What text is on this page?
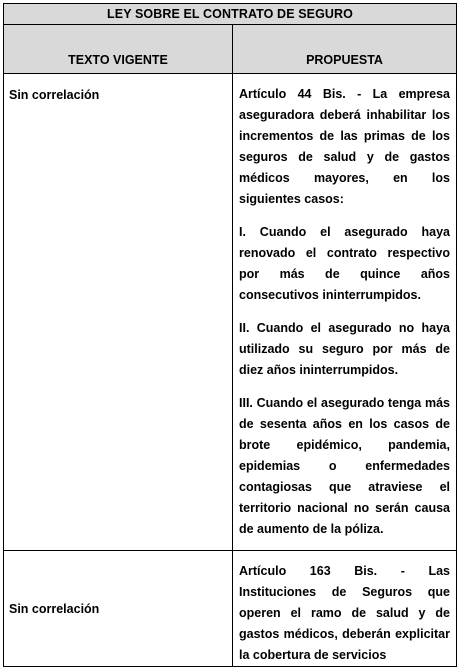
LEY SOBRE EL CONTRATO DE SEGURO	
TEXTO VIGENTE	PROPUESTA
Sin correlación	Artículo 44 Bis. - La empresa aseguradora deberá inhabilitar los incrementos de las primas de los seguros de salud y de gastos médicos mayores, en los siguientes casos:

I. Cuando el asegurado haya renovado el contrato respectivo por más de quince años consecutivos ininterrumpidos.

II. Cuando el asegurado no haya utilizado su seguro por más de diez años ininterrumpidos.

III. Cuando el asegurado tenga más de sesenta años en los casos de brote epidémico, pandemia, epidemias o enfermedades contagiosas que atraviese el territorio nacional no serán causa de aumento de la póliza.

Sin correlación	Artículo 163 Bis. - Las Instituciones de Seguros que operen el ramo de salud y de gastos médicos, deberán explicitar la cobertura de servicios
